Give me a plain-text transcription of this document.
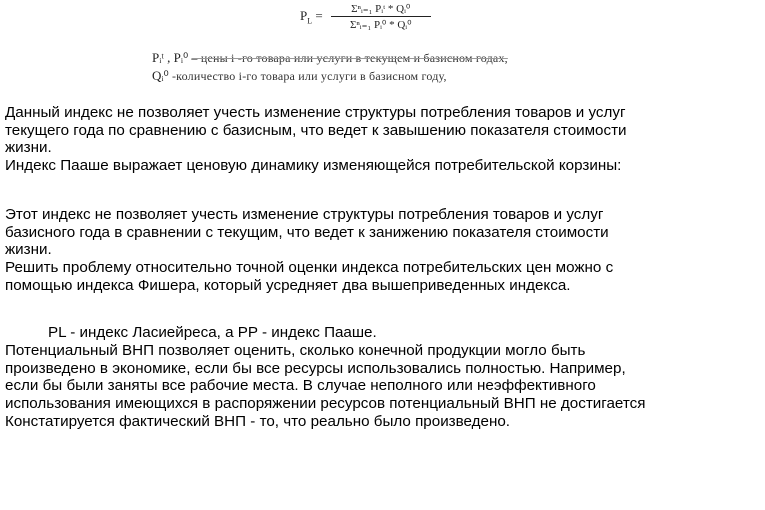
$P_L$ =	Σⁿᵢ₌₁ Pᵢᵗ * Qᵢ⁰
Σⁿᵢ₌₁ Pᵢ⁰ * Qᵢ⁰
Pᵢᵗ , Pᵢ⁰ – цены i -го товара или услуги в текущем и базисном годах,
Qᵢ⁰ -количество i-го товара или услуги в базисном году,
Данный индекс не позволяет учесть изменение структуры потребления товаров и услуг
текущего года по сравнению с базисным, что ведет к завышению показателя стоимости
жизни.
Индекс Пааше выражает ценовую динамику изменяющейся потребительской корзины:
Этот индекс не позволяет учесть изменение структуры потребления товаров и услуг
базисного года в сравнении с текущим, что ведет к занижению показателя стоимости
жизни.
Решить проблему относительно точной оценки индекса потребительских цен можно с
помощью индекса Фишера, который усредняет два вышеприведенных индекса.
PL - индекс Ласиейреса, а PP - индекс Пааше.
Потенциальный ВНП позволяет оценить, сколько конечной продукции могло быть
произведено в экономике, если бы все ресурсы использовались полностью. Например,
если бы были заняты все рабочие места. В случае неполного или неэффективного
использования имеющихся в распоряжении ресурсов потенциальный ВНП не достигается
Констатируется фактический ВНП - то, что реально было произведено.
